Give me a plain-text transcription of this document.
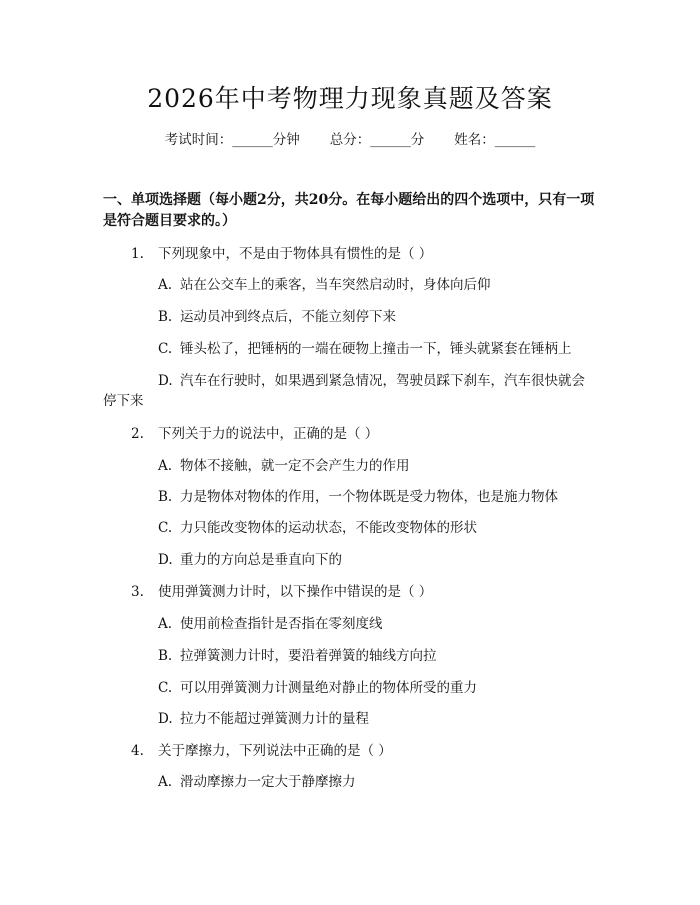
2026年中考物理力现象真题及答案
考试时间：______分钟 总分：______分 姓名：______
一、单项选择题（每小题2分，共20分。在每小题给出的四个选项中，只有一项是符合题目要求的。）
1. 下列现象中，不是由于物体具有惯性的是（ ）
A. 站在公交车上的乘客，当车突然启动时，身体向后仰
B. 运动员冲到终点后，不能立刻停下来
C. 锤头松了，把锤柄的一端在硬物上撞击一下，锤头就紧套在锤柄上
D. 汽车在行驶时，如果遇到紧急情况，驾驶员踩下刹车，汽车很快就会停下来
2. 下列关于力的说法中，正确的是（ ）
A. 物体不接触，就一定不会产生力的作用
B. 力是物体对物体的作用，一个物体既是受力物体，也是施力物体
C. 力只能改变物体的运动状态，不能改变物体的形状
D. 重力的方向总是垂直向下的
3. 使用弹簧测力计时，以下操作中错误的是（ ）
A. 使用前检查指针是否指在零刻度线
B. 拉弹簧测力计时，要沿着弹簧的轴线方向拉
C. 可以用弹簧测力计测量绝对静止的物体所受的重力
D. 拉力不能超过弹簧测力计的量程
4. 关于摩擦力，下列说法中正确的是（ ）
A. 滑动摩擦力一定大于静摩擦力
